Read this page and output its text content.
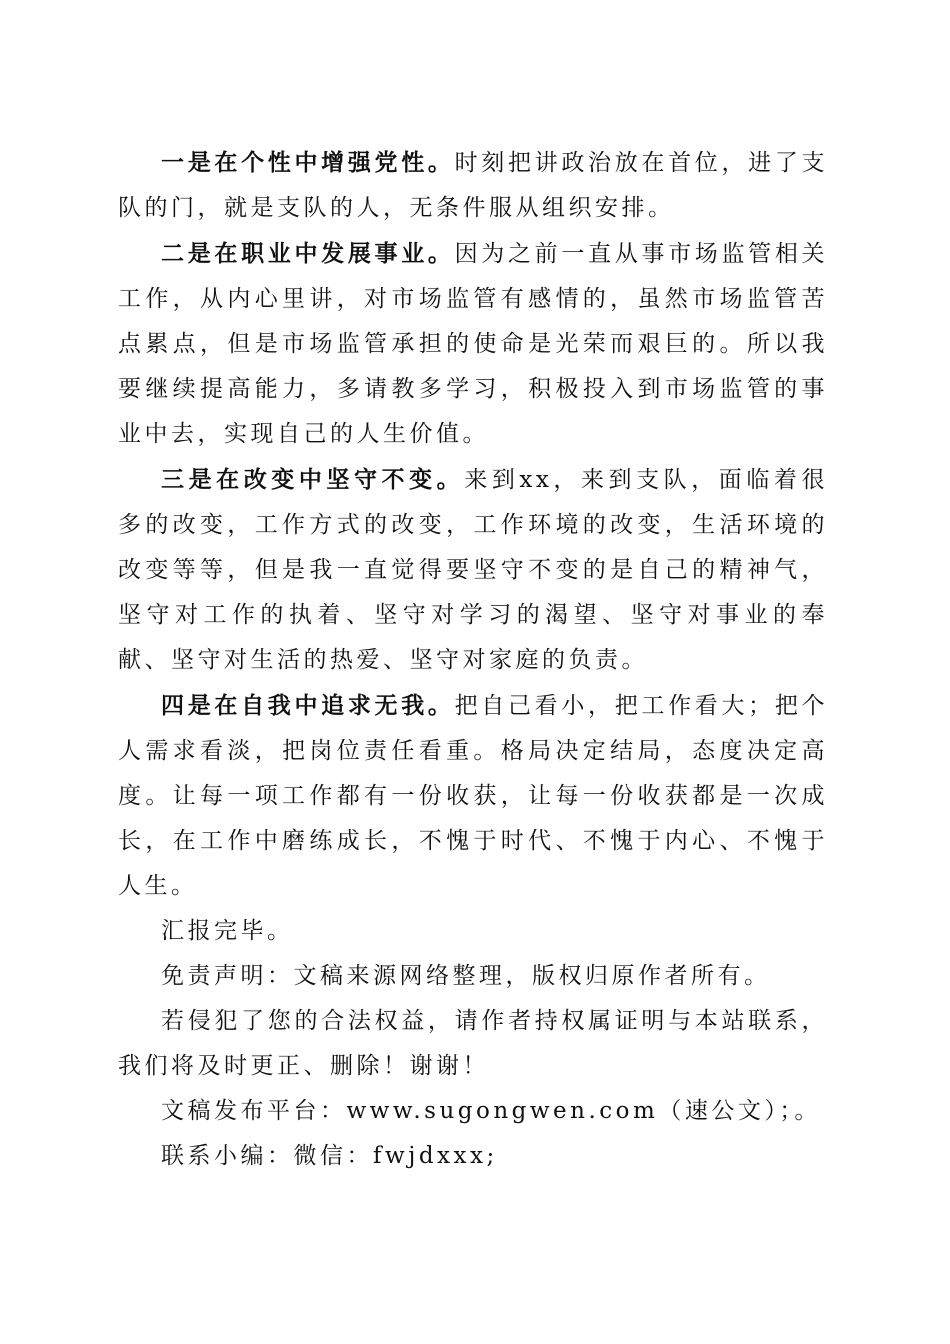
一是在个性中增强党性。时刻把讲政治放在首位，进了支队的门，就是支队的人，无条件服从组织安排。

二是在职业中发展事业。因为之前一直从事市场监管相关工作，从内心里讲，对市场监管有感情的，虽然市场监管苦点累点，但是市场监管承担的使命是光荣而艰巨的。所以我要继续提高能力，多请教多学习，积极投入到市场监管的事业中去，实现自己的人生价值。

三是在改变中坚守不变。来到xx，来到支队，面临着很多的改变，工作方式的改变，工作环境的改变，生活环境的改变等等，但是我一直觉得要坚守不变的是自己的精神气，坚守对工作的执着、坚守对学习的渴望、坚守对事业的奉献、坚守对生活的热爱、坚守对家庭的负责。

四是在自我中追求无我。把自己看小，把工作看大；把个人需求看淡，把岗位责任看重。格局决定结局，态度决定高度。让每一项工作都有一份收获，让每一份收获都是一次成长，在工作中磨练成长，不愧于时代、不愧于内心、不愧于人生。

汇报完毕。

免责声明：文稿来源网络整理，版权归原作者所有。

若侵犯了您的合法权益，请作者持权属证明与本站联系，我们将及时更正、删除！谢谢！

文稿发布平台：www.sugongwen.com（速公文）；。

联系小编：微信：fwjdxxx;
